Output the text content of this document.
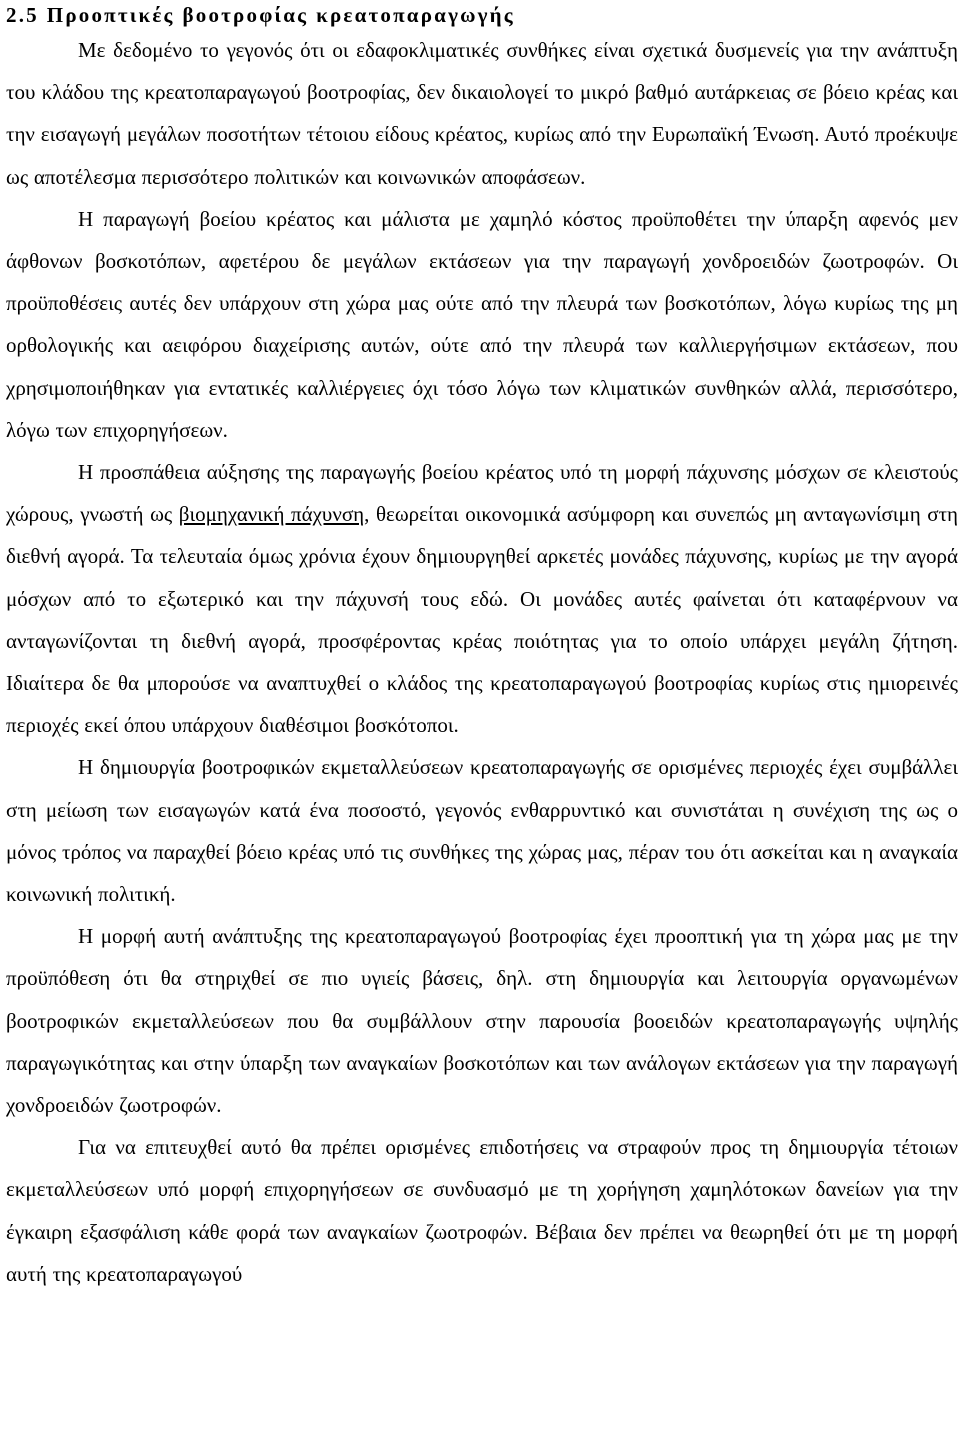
2.5 Προοπτικές βοοτροφίας κρεατοπαραγωγής

Με δεδομένο το γεγονός ότι οι εδαφοκλιματικές συνθήκες είναι σχετικά δυσμενείς για την ανάπτυξη του κλάδου της κρεατοπαραγωγού βοοτροφίας, δεν δικαιολογεί το μικρό βαθμό αυτάρκειας σε βόειο κρέας και την εισαγωγή μεγάλων ποσοτήτων τέτοιου είδους κρέατος, κυρίως από την Ευρωπαϊκή Ένωση. Αυτό προέκυψε ως αποτέλεσμα περισσότερο πολιτικών και κοινωνικών αποφάσεων.

Η παραγωγή βοείου κρέατος και μάλιστα με χαμηλό κόστος προϋποθέτει την ύπαρξη αφενός μεν άφθονων βοσκοτόπων, αφετέρου δε μεγάλων εκτάσεων για την παραγωγή χονδροειδών ζωοτροφών. Οι προϋποθέσεις αυτές δεν υπάρχουν στη χώρα μας ούτε από την πλευρά των βοσκοτόπων, λόγω κυρίως της μη ορθολογικής και αειφόρου διαχείρισης αυτών, ούτε από την πλευρά των καλλιεργήσιμων εκτάσεων, που χρησιμοποιήθηκαν για εντατικές καλλιέργειες όχι τόσο λόγω των κλιματικών συνθηκών αλλά, περισσότερο, λόγω των επιχορηγήσεων.

Η προσπάθεια αύξησης της παραγωγής βοείου κρέατος υπό τη μορφή πάχυνσης μόσχων σε κλειστούς χώρους, γνωστή ως βιομηχανική πάχυνση, θεωρείται οικονομικά ασύμφορη και συνεπώς μη ανταγωνίσιμη στη διεθνή αγορά. Τα τελευταία όμως χρόνια έχουν δημιουργηθεί αρκετές μονάδες πάχυνσης, κυρίως με την αγορά μόσχων από το εξωτερικό και την πάχυνσή τους εδώ. Οι μονάδες αυτές φαίνεται ότι καταφέρνουν να ανταγωνίζονται τη διεθνή αγορά, προσφέροντας κρέας ποιότητας για το οποίο υπάρχει μεγάλη ζήτηση. Ιδιαίτερα δε θα μπορούσε να αναπτυχθεί ο κλάδος της κρεατοπαραγωγού βοοτροφίας κυρίως στις ημιορεινές περιοχές εκεί όπου υπάρχουν διαθέσιμοι βοσκότοποι.

Η δημιουργία βοοτροφικών εκμεταλλεύσεων κρεατοπαραγωγής σε ορισμένες περιοχές έχει συμβάλλει στη μείωση των εισαγωγών κατά ένα ποσοστό, γεγονός ενθαρρυντικό και συνιστάται η συνέχιση της ως ο μόνος τρόπος να παραχθεί βόειο κρέας υπό τις συνθήκες της χώρας μας, πέραν του ότι ασκείται και η αναγκαία κοινωνική πολιτική.

Η μορφή αυτή ανάπτυξης της κρεατοπαραγωγού βοοτροφίας έχει προοπτική για τη χώρα μας με την προϋπόθεση ότι θα στηριχθεί σε πιο υγιείς βάσεις, δηλ. στη δημιουργία και λειτουργία οργανωμένων βοοτροφικών εκμεταλλεύσεων που θα συμβάλλουν στην παρουσία βοοειδών κρεατοπαραγωγής υψηλής παραγωγικότητας και στην ύπαρξη των αναγκαίων βοσκοτόπων και των ανάλογων εκτάσεων για την παραγωγή χονδροειδών ζωοτροφών.

Για να επιτευχθεί αυτό θα πρέπει ορισμένες επιδοτήσεις να στραφούν προς τη δημιουργία τέτοιων εκμεταλλεύσεων υπό μορφή επιχορηγήσεων σε συνδυασμό με τη χορήγηση χαμηλότοκων δανείων για την έγκαιρη εξασφάλιση κάθε φορά των αναγκαίων ζωοτροφών. Βέβαια δεν πρέπει να θεωρηθεί ότι με τη μορφή αυτή της κρεατοπαραγωγού
